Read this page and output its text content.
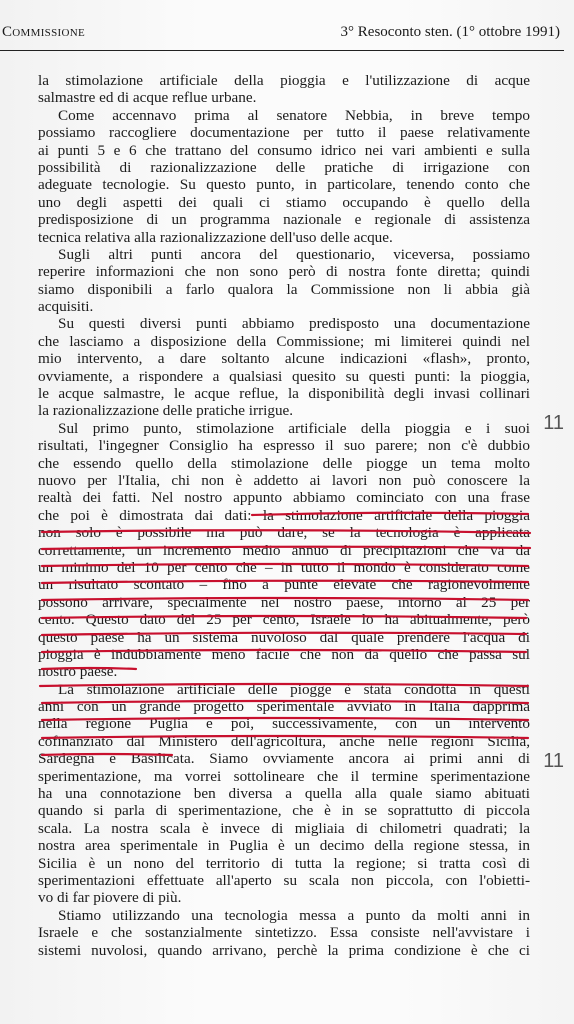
Commissione	3° Resoconto sten. (1° ottobre 1991)
la stimolazione artificiale della pioggia e l'utilizzazione di acque
salmastre ed di acque reflue urbane.
Come accennavo prima al senatore Nebbia, in breve tempo
possiamo raccogliere documentazione per tutto il paese relativamente
ai punti 5 e 6 che trattano del consumo idrico nei vari ambienti e sulla
possibilità di razionalizzazione delle pratiche di irrigazione con
adeguate tecnologie. Su questo punto, in particolare, tenendo conto che
uno degli aspetti dei quali ci stiamo occupando è quello della
predisposizione di un programma nazionale e regionale di assistenza
tecnica relativa alla razionalizzazione dell'uso delle acque.
Sugli altri punti ancora del questionario, viceversa, possiamo
reperire informazioni che non sono però di nostra fonte diretta; quindi
siamo disponibili a farlo qualora la Commissione non li abbia già
acquisiti.
Su questi diversi punti abbiamo predisposto una documentazione
che lasciamo a disposizione della Commissione; mi limiterei quindi nel
mio intervento, a dare soltanto alcune indicazioni «flash», pronto,
ovviamente, a rispondere a qualsiasi quesito su questi punti: la pioggia,
le acque salmastre, le acque reflue, la disponibilità degli invasi collinari
la razionalizzazione delle pratiche irrigue.
Sul primo punto, stimolazione artificiale della pioggia e i suoi
risultati, l'ingegner Consiglio ha espresso il suo parere; non c'è dubbio
che essendo quello della stimolazione delle piogge un tema molto
nuovo per l'Italia, chi non è addetto ai lavori non può conoscere la
realtà dei fatti. Nel nostro appunto abbiamo cominciato con una frase
che poi è dimostrata dai dati: la stimolazione artificiale della pioggia
non solo è possibile ma può dare, se la tecnologia è applicata
correttamente, un incremento medio annuo di precipitazioni che va da
un minimo del 10 per cento che – in tutto il mondo è considerato come
un risultato scontato – fino a punte elevate che ragionevolmente
possono arrivare, specialmente nel nostro paese, intorno al 25 per
cento. Questo dato del 25 per cento, Israele lo ha abitualmente, però
questo paese ha un sistema nuvoloso dal quale prendere l'acqua di
pioggia è indubbiamente meno facile che non da quello che passa sul
nostro paese.
La stimolazione artificiale delle piogge è stata condotta in questi
anni con un grande progetto sperimentale avviato in Italia dapprima
nella regione Puglia e poi, successivamente, con un intervento
cofinanziato dal Ministero dell'agricoltura, anche nelle regioni Sicilia,
Sardegna e Basilicata. Siamo ovviamente ancora ai primi anni di
sperimentazione, ma vorrei sottolineare che il termine sperimentazione
ha una connotazione ben diversa a quella alla quale siamo abituati
quando si parla di sperimentazione, che è in se soprattutto di piccola
scala. La nostra scala è invece di migliaia di chilometri quadrati; la
nostra area sperimentale in Puglia è un decimo della regione stessa, in
Sicilia è un nono del territorio di tutta la regione; si tratta così di
sperimentazioni effettuate all'aperto su scala non piccola, con l'obietti-
vo di far piovere di più.
Stiamo utilizzando una tecnologia messa a punto da molti anni in
Israele e che sostanzialmente sintetizzo. Essa consiste nell'avvistare i
sistemi nuvolosi, quando arrivano, perchè la prima condizione è che ci
11
11
